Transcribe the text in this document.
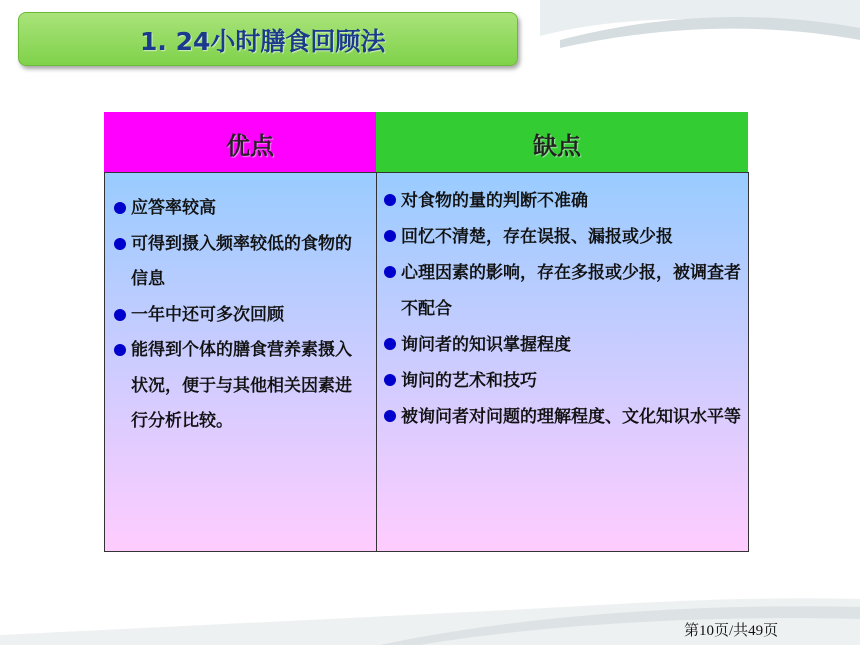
1. 24小时膳食回顾法
优点	缺点
应答率较高
可得到摄入频率较低的食物的信息
一年中还可多次回顾
能得到个体的膳食营养素摄入状况，便于与其他相关因素进行分析比较。
对食物的量的判断不准确
回忆不清楚，存在误报、漏报或少报
心理因素的影响，存在多报或少报，被调查者不配合
询问者的知识掌握程度
询问的艺术和技巧
被询问者对问题的理解程度、文化知识水平等
第10页/共49页
